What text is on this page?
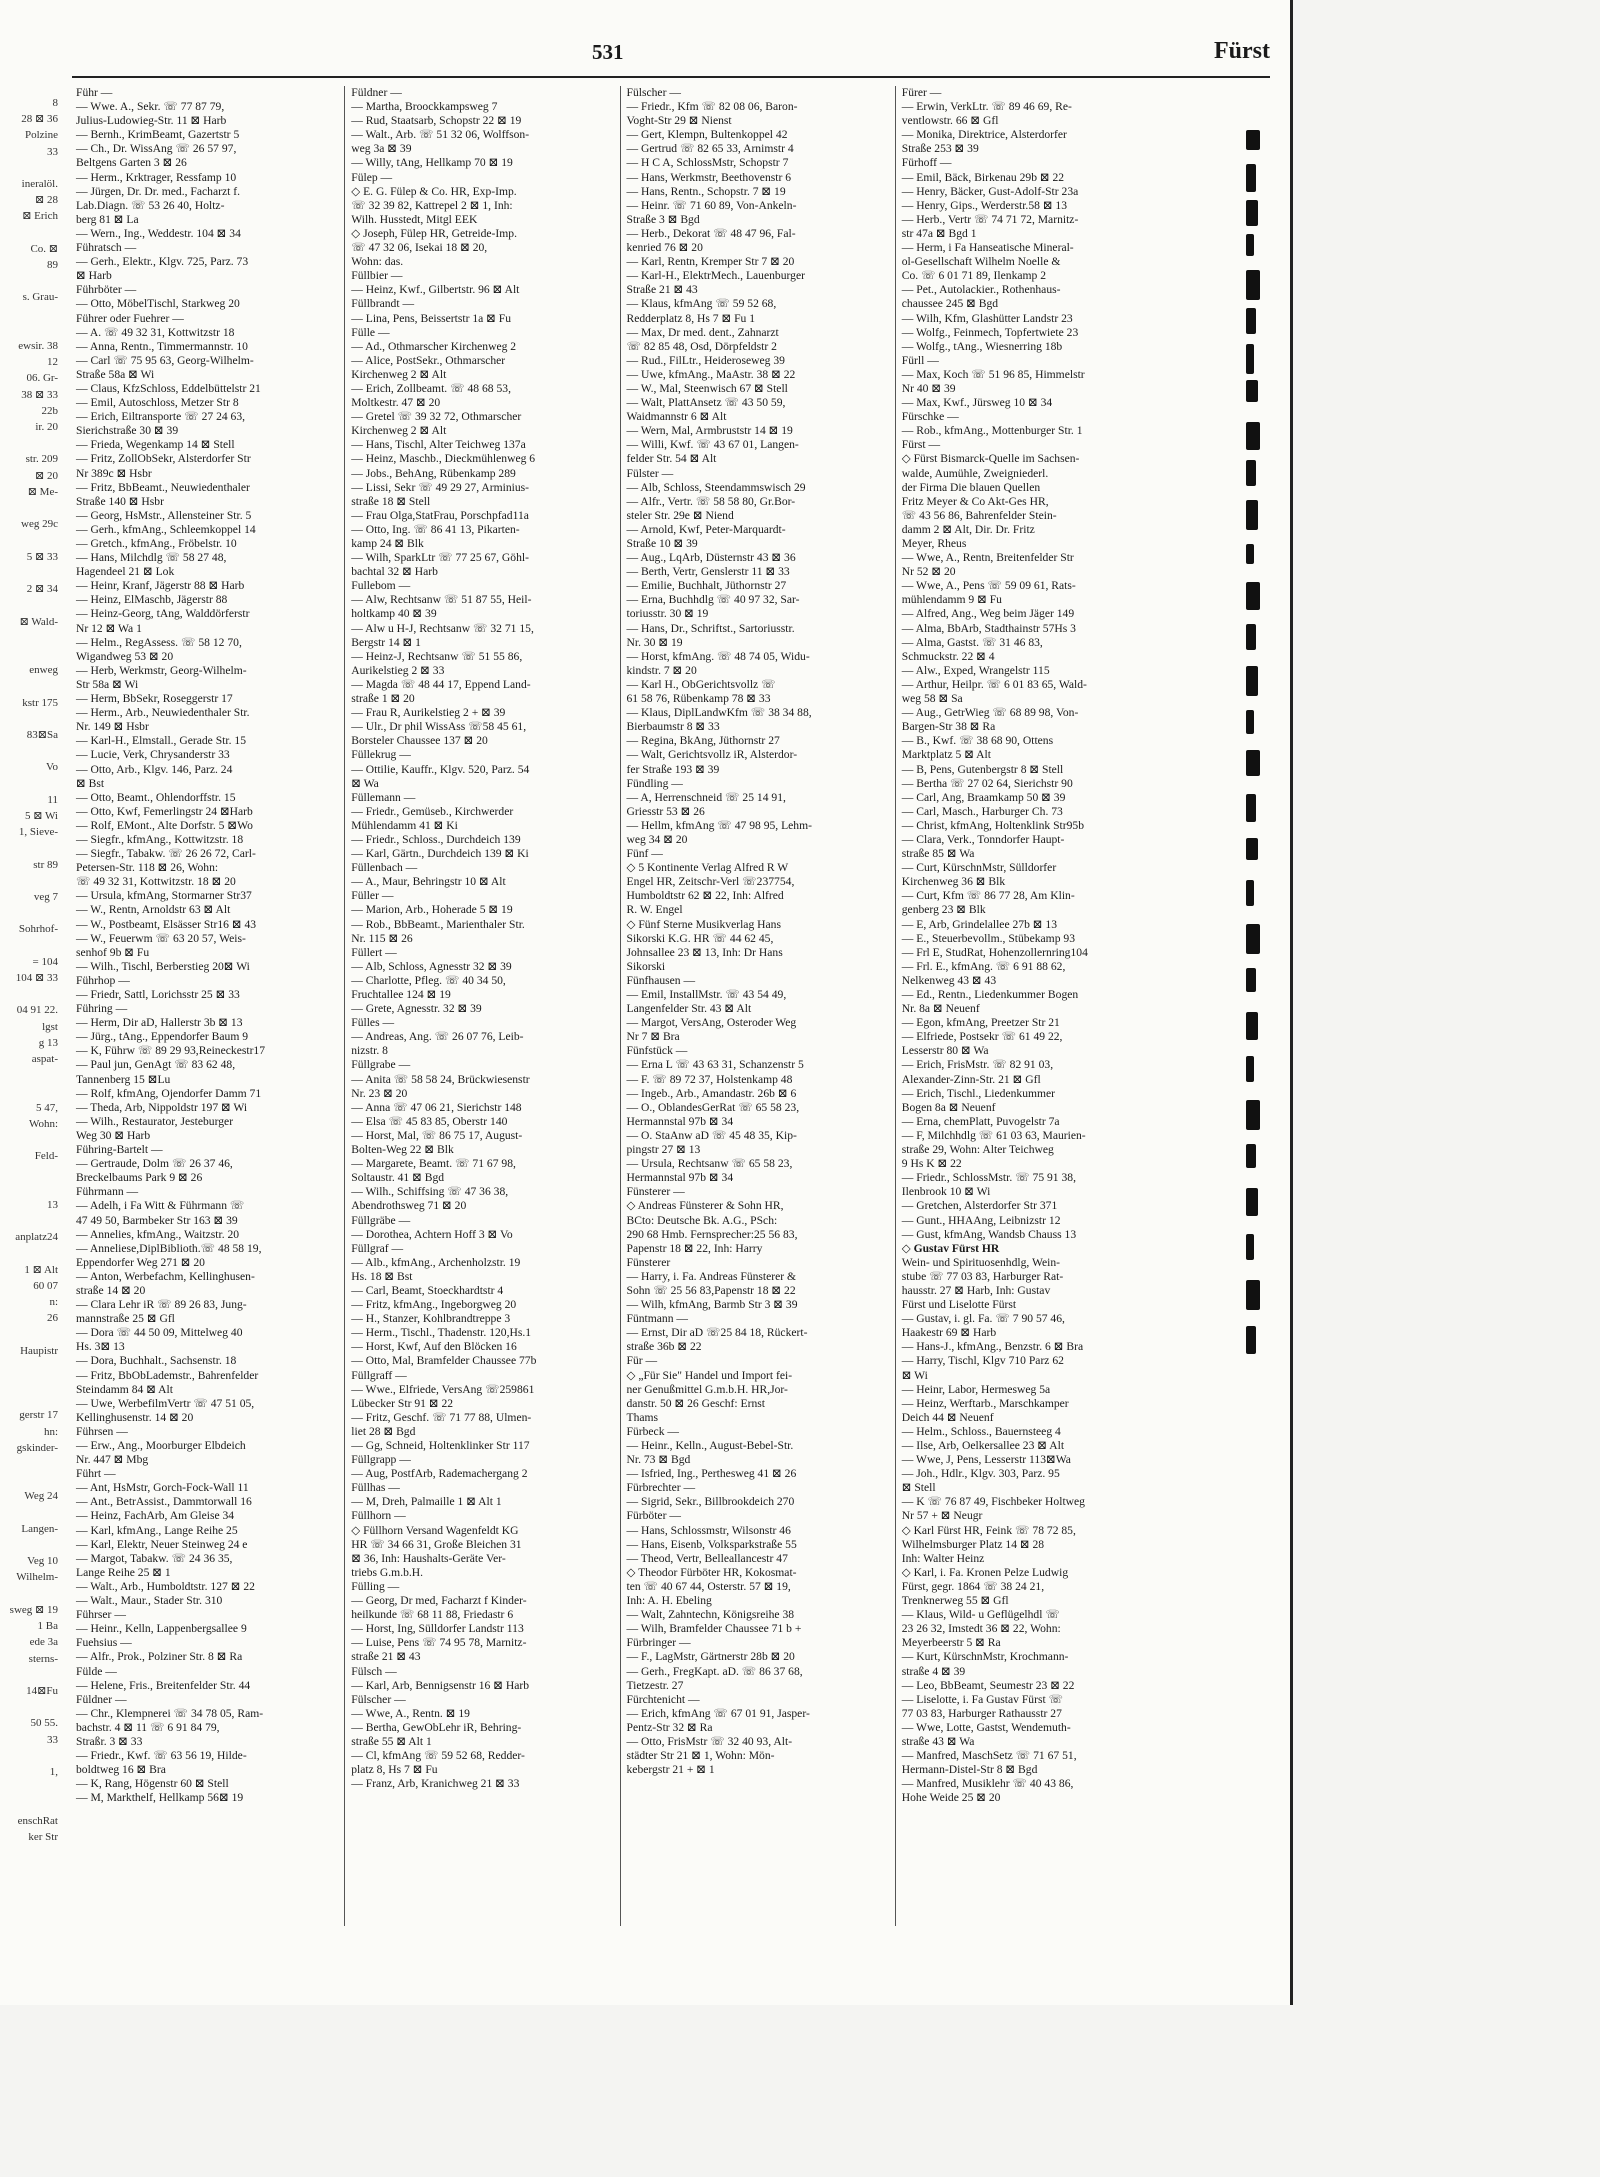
8
28 ⊠ 36
Polzine
33

ineralöl.
⊠ 28
⊠ Erich

Co. ⊠
89

s. Grau-

ewsir. 38
12
06. Gr-
38 ⊠ 33
22b
ir. 20

str. 209
⊠ 20
⊠ Me-

weg 29c

5 ⊠ 33

2 ⊠ 34

⊠ Wald-

enweg

kstr 175

83⊠Sa

Vo

11
5 ⊠ Wi
1, Sieve-

str 89

veg 7

Sohrhof-

= 104
104 ⊠ 33

04 91 22.
lgst
g 13
aspat-

5 47,
Wohn:

Feld-

13

anplatz24

1 ⊠ Alt
60 07
n:
26

Haupistr

gerstr 17
hn:
gskinder-

Weg 24

Langen-

Veg 10
Wilhelm-

sweg ⊠ 19
1 Ba
ede 3a
sterns-

14⊠Fu

50 55.
33

1,

enschRat
ker Str
531	Fürst

Führ —

— Wwe. A., Sekr. ☏ 77 87 79,

Julius-Ludowieg-Str. 11 ⊠ Harb

— Bernh., KrimBeamt, Gazertstr 5

— Ch., Dr. WissAng ☏ 26 57 97,

Beltgens Garten 3 ⊠ 26

— Herm., Krktrager, Ressfamp 10

— Jürgen, Dr. Dr. med., Facharzt f.

Lab.Diagn. ☏ 53 26 40, Holtz-

berg 81 ⊠ La

— Wern., Ing., Weddestr. 104 ⊠ 34

Führatsch —

— Gerh., Elektr., Klgv. 725, Parz. 73

⊠ Harb

Führböter —

— Otto, MöbelTischl, Starkweg 20

Führer oder Fuehrer —

— A. ☏ 49 32 31, Kottwitzstr 18

— Anna, Rentn., Timmermannstr. 10

— Carl ☏ 75 95 63, Georg-Wilhelm-

Straße 58a ⊠ Wi

— Claus, KfzSchloss, Eddelbüttelstr 21

— Emil, Autoschloss, Metzer Str 8

— Erich, Eiltransporte ☏ 27 24 63,

Sierichstraße 30 ⊠ 39

— Frieda, Wegenkamp 14 ⊠ Stell

— Fritz, ZollObSekr, Alsterdorfer Str

Nr 389c ⊠ Hsbr

— Fritz, BbBeamt., Neuwiedenthaler

Straße 140 ⊠ Hsbr

— Georg, HsMstr., Allensteiner Str. 5

— Gerh., kfmAng., Schleemkoppel 14

— Gretch., kfmAng., Fröbelstr. 10

— Hans, Milchdlg ☏ 58 27 48,

Hagendeel 21 ⊠ Lok

— Heinr, Kranf, Jägerstr 88 ⊠ Harb

— Heinz, ElMaschb, Jägerstr 88

— Heinz-Georg, tAng, Walddörferstr

Nr 12 ⊠ Wa 1

— Helm., RegAssess. ☏ 58 12 70,

Wigandweg 53 ⊠ 20

— Herb, Werkmstr, Georg-Wilhelm-

Str 58a ⊠ Wi

— Herm, BbSekr, Roseggerstr 17

— Herm., Arb., Neuwiedenthaler Str.

Nr. 149 ⊠ Hsbr

— Karl-H., Elmstall., Gerade Str. 15

— Lucie, Verk, Chrysanderstr 33

— Otto, Arb., Klgv. 146, Parz. 24

⊠ Bst

— Otto, Beamt., Ohlendorffstr. 15

— Otto, Kwf, Femerlingstr 24 ⊠Harb

— Rolf, EMont., Alte Dorfstr. 5 ⊠Wo

— Siegfr., kfmAng., Kottwitzstr. 18

— Siegfr., Tabakw. ☏ 26 26 72, Carl-

Petersen-Str. 118 ⊠ 26, Wohn:

☏ 49 32 31, Kottwitzstr. 18 ⊠ 20

— Ursula, kfmAng, Stormarner Str37

— W., Rentn, Arnoldstr 63 ⊠ Alt

— W., Postbeamt, Elsässer Str16 ⊠ 43

— W., Feuerwm ☏ 63 20 57, Weis-

senhof 9b ⊠ Fu

— Wilh., Tischl, Berberstieg 20⊠ Wi

Führhop —

— Friedr, Sattl, Lorichsstr 25 ⊠ 33

Führing —

— Herm, Dir aD, Hallerstr 3b ⊠ 13

— Jürg., tAng., Eppendorfer Baum 9

— K, Führw ☏ 89 29 93,Reineckestr17

— Paul jun, GenAgt ☏ 83 62 48,

Tannenberg 15 ⊠Lu

— Rolf, kfmAng, Ojendorfer Damm 71

— Theda, Arb, Nippoldstr 197 ⊠ Wi

— Wilh., Restaurator, Jesteburger

Weg 30 ⊠ Harb

Führing-Bartelt —

— Gertraude, Dolm ☏ 26 37 46,

Breckelbaums Park 9 ⊠ 26

Führmann —

— Adelh, i Fa Witt & Führmann ☏

47 49 50, Barmbeker Str 163 ⊠ 39

— Annelies, kfmAng., Waitzstr. 20

— Anneliese,DiplBiblioth.☏ 48 58 19,

Eppendorfer Weg 271 ⊠ 20

— Anton, Werbefachm, Kellinghusen-

straße 14 ⊠ 20

— Clara Lehr iR ☏ 89 26 83, Jung-

mannstraße 25 ⊠ Gfl

— Dora ☏ 44 50 09, Mittelweg 40

Hs. 3⊠ 13

— Dora, Buchhalt., Sachsenstr. 18

— Fritz, BbObLademstr., Bahrenfelder

Steindamm 84 ⊠ Alt

— Uwe, WerbefilmVertr ☏ 47 51 05,

Kellinghusenstr. 14 ⊠ 20

Führsen —

— Erw., Ang., Moorburger Elbdeich

Nr. 447 ⊠ Mbg

Führt —

— Ant, HsMstr, Gorch-Fock-Wall 11

— Ant., BetrAssist., Dammtorwall 16

— Heinz, FachArb, Am Gleise 34

— Karl, kfmAng., Lange Reihe 25

— Karl, Elektr, Neuer Steinweg 24 e

— Margot, Tabakw. ☏ 24 36 35,

Lange Reihe 25 ⊠ 1

— Walt., Arb., Humboldtstr. 127 ⊠ 22

— Walt., Maur., Stader Str. 310

Führser —

— Heinr., Kelln, Lappenbergsallee 9

Fuehsius —

— Alfr., Prok., Polziner Str. 8 ⊠ Ra

Fülde —

— Helene, Fris., Breitenfelder Str. 44

Füldner —

— Chr., Klempnerei ☏ 34 78 05, Ram-

bachstr. 4 ⊠ 11 ☏ 6 91 84 79,

Straßr. 3 ⊠ 33

— Friedr., Kwf. ☏ 63 56 19, Hilde-

boldtweg 16 ⊠ Bra

— K, Rang, Högenstr 60 ⊠ Stell

— M, Markthelf, Hellkamp 56⊠ 19

Füldner —

— Martha, Broockkampsweg 7

— Rud, Staatsarb, Schopstr 22 ⊠ 19

— Walt., Arb. ☏ 51 32 06, Wolffson-

weg 3a ⊠ 39

— Willy, tAng, Hellkamp 70 ⊠ 19

Fülep —

◇ E. G. Fülep & Co. HR, Exp-Imp.

☏ 32 39 82, Kattrepel 2 ⊠ 1, Inh:

Wilh. Husstedt, Mitgl EEK

◇ Joseph, Fülep HR, Getreide-Imp.

☏ 47 32 06, Isekai 18 ⊠ 20,

Wohn: das.

Füllbier —

— Heinz, Kwf., Gilbertstr. 96 ⊠ Alt

Füllbrandt —

— Lina, Pens, Beissertstr 1a ⊠ Fu

Fülle —

— Ad., Othmarscher Kirchenweg 2

— Alice, PostSekr., Othmarscher

Kirchenweg 2 ⊠ Alt

— Erich, Zollbeamt. ☏ 48 68 53,

Moltkestr. 47 ⊠ 20

— Gretel ☏ 39 32 72, Othmarscher

Kirchenweg 2 ⊠ Alt

— Hans, Tischl, Alter Teichweg 137a

— Heinz, Maschb., Dieckmühlenweg 6

— Jobs., BehAng, Rübenkamp 289

— Lissi, Sekr ☏ 49 29 27, Arminius-

straße 18 ⊠ Stell

— Frau Olga,StatFrau, Porschpfad11a

— Otto, Ing. ☏ 86 41 13, Pikarten-

kamp 24 ⊠ Blk

— Wilh, SparkLtr ☏ 77 25 67, Göhl-

bachtal 32 ⊠ Harb

Fullebom —

— Alw, Rechtsanw ☏ 51 87 55, Heil-

holtkamp 40 ⊠ 39

— Alw u H-J, Rechtsanw ☏ 32 71 15,

Bergstr 14 ⊠ 1

— Heinz-J, Rechtsanw ☏ 51 55 86,

Aurikelstieg 2 ⊠ 33

— Magda ☏ 48 44 17, Eppend Land-

straße 1 ⊠ 20

— Frau R, Aurikelstieg 2 + ⊠ 39

— Ulr., Dr phil WissAss ☏58 45 61,

Borsteler Chaussee 137 ⊠ 20

Füllekrug —

— Ottilie, Kauffr., Klgv. 520, Parz. 54

⊠ Wa

Füllemann —

— Friedr., Gemüseb., Kirchwerder

Mühlendamm 41 ⊠ Ki

— Friedr., Schloss., Durchdeich 139

— Karl, Gärtn., Durchdeich 139 ⊠ Ki

Füllenbach —

— A., Maur, Behringstr 10 ⊠ Alt

Füller —

— Marion, Arb., Hoherade 5 ⊠ 19

— Rob., BbBeamt., Marienthaler Str.

Nr. 115 ⊠ 26

Füllert —

— Alb, Schloss, Agnesstr 32 ⊠ 39

— Charlotte, Pfleg. ☏ 40 34 50,

Fruchtallee 124 ⊠ 19

— Grete, Agnesstr. 32 ⊠ 39

Fülles —

— Andreas, Ang. ☏ 26 07 76, Leib-

nizstr. 8

Füllgrabe —

— Anita ☏ 58 58 24, Brückwiesenstr

Nr. 23 ⊠ 20

— Anna ☏ 47 06 21, Sierichstr 148

— Elsa ☏ 45 83 85, Oberstr 140

— Horst, Mal, ☏ 86 75 17, August-

Bolten-Weg 22 ⊠ Blk

— Margarete, Beamt. ☏ 71 67 98,

Soltaustr. 41 ⊠ Bgd

— Wilh., Schiffsing ☏ 47 36 38,

Abendrothsweg 71 ⊠ 20

Füllgräbe —

— Dorothea, Achtern Hoff 3 ⊠ Vo

Füllgraf —

— Alb., kfmAng., Archenholzstr. 19

Hs. 18 ⊠ Bst

— Carl, Beamt, Stoeckhardtstr 4

— Fritz, kfmAng., Ingeborgweg 20

— H., Stanzer, Kohlbrandtreppe 3

— Herm., Tischl., Thadenstr. 120,Hs.1

— Horst, Kwf, Auf den Blöcken 16

— Otto, Mal, Bramfelder Chaussee 77b

Füllgraff —

— Wwe., Elfriede, VersAng ☏259861

Lübecker Str 91 ⊠ 22

— Fritz, Geschf. ☏ 71 77 88, Ulmen-

liet 28 ⊠ Bgd

— Gg, Schneid, Holtenklinker Str 117

Füllgrapp —

— Aug, PostfArb, Rademachergang 2

Füllhas —

— M, Dreh, Palmaille 1 ⊠ Alt 1

Füllhorn —

◇ Füllhorn Versand Wagenfeldt KG

HR ☏ 34 66 31, Große Bleichen 31

⊠ 36, Inh: Haushalts-Geräte Ver-

triebs G.m.b.H.

Fülling —

— Georg, Dr med, Facharzt f Kinder-

heilkunde ☏ 68 11 88, Friedastr 6

— Horst, Ing, Sülldorfer Landstr 113

— Luise, Pens ☏ 74 95 78, Marnitz-

straße 21 ⊠ 43

Fülsch —

— Karl, Arb, Bennigsenstr 16 ⊠ Harb

Fülscher —

— Wwe, A., Rentn. ⊠ 19

— Bertha, GewObLehr iR, Behring-

straße 55 ⊠ Alt 1

— Cl, kfmAng ☏ 59 52 68, Redder-

platz 8, Hs 7 ⊠ Fu

— Franz, Arb, Kranichweg 21 ⊠ 33

Fülscher —

— Friedr., Kfm ☏ 82 08 06, Baron-

Voght-Str 29 ⊠ Nienst

— Gert, Klempn, Bultenkoppel 42

— Gertrud ☏ 82 65 33, Arnimstr 4

— H C A, SchlossMstr, Schopstr 7

— Hans, Werkmstr, Beethovenstr 6

— Hans, Rentn., Schopstr. 7 ⊠ 19

— Heinr. ☏ 71 60 89, Von-Ankeln-

Straße 3 ⊠ Bgd

— Herb., Dekorat ☏ 48 47 96, Fal-

kenried 76 ⊠ 20

— Karl, Rentn, Kremper Str 7 ⊠ 20

— Karl-H., ElektrMech., Lauenburger

Straße 21 ⊠ 43

— Klaus, kfmAng ☏ 59 52 68,

Redderplatz 8, Hs 7 ⊠ Fu 1

— Max, Dr med. dent., Zahnarzt

☏ 82 85 48, Osd, Dörpfeldstr 2

— Rud., FilLtr., Heideroseweg 39

— Uwe, kfmAng., MaAstr. 38 ⊠ 22

— W., Mal, Steenwisch 67 ⊠ Stell

— Walt, PlattAnsetz ☏ 43 50 59,

Waidmannstr 6 ⊠ Alt

— Wern, Mal, Armbruststr 14 ⊠ 19

— Willi, Kwf. ☏ 43 67 01, Langen-

felder Str. 54 ⊠ Alt

Fülster —

— Alb, Schloss, Steendammswisch 29

— Alfr., Vertr. ☏ 58 58 80, Gr.Bor-

steler Str. 29e ⊠ Niend

— Arnold, Kwf, Peter-Marquardt-

Straße 10 ⊠ 39

— Aug., LqArb, Düsternstr 43 ⊠ 36

— Berth, Vertr, Genslerstr 11 ⊠ 33

— Emilie, Buchhalt, Jüthornstr 27

— Erna, Buchhdlg ☏ 40 97 32, Sar-

toriusstr. 30 ⊠ 19

— Hans, Dr., Schriftst., Sartoriusstr.

Nr. 30 ⊠ 19

— Horst, kfmAng. ☏ 48 74 05, Widu-

kindstr. 7 ⊠ 20

— Karl H., ObGerichtsvollz ☏

61 58 76, Rübenkamp 78 ⊠ 33

— Klaus, DiplLandwKfm ☏ 38 34 88,

Bierbaumstr 8 ⊠ 33

— Regina, BkAng, Jüthornstr 27

— Walt, Gerichtsvollz iR, Alsterdor-

fer Straße 193 ⊠ 39

Fündling —

— A, Herrenschneid ☏ 25 14 91,

Griesstr 53 ⊠ 26

— Hellm, kfmAng ☏ 47 98 95, Lehm-

weg 34 ⊠ 20

Fünf —

◇ 5 Kontinente Verlag Alfred R W

Engel HR, Zeitschr-Verl ☏237754,

Humboldtstr 62 ⊠ 22, Inh: Alfred

R. W. Engel

◇ Fünf Sterne Musikverlag Hans

Sikorski K.G. HR ☏ 44 62 45,

Johnsallee 23 ⊠ 13, Inh: Dr Hans

Sikorski

Fünfhausen —

— Emil, InstallMstr. ☏ 43 54 49,

Langenfelder Str. 43 ⊠ Alt

— Margot, VersAng, Osteroder Weg

Nr 7 ⊠ Bra

Fünfstück —

— Erna L ☏ 43 63 31, Schanzenstr 5

— F. ☏ 89 72 37, Holstenkamp 48

— Ingeb., Arb., Amandastr. 26b ⊠ 6

— O., OblandesGerRat ☏ 65 58 23,

Hermannstal 97b ⊠ 34

— O. StaAnw aD ☏ 45 48 35, Kip-

pingstr 27 ⊠ 13

— Ursula, Rechtsanw ☏ 65 58 23,

Hermannstal 97b ⊠ 34

Fünsterer —

◇ Andreas Fünsterer & Sohn HR,

BCto: Deutsche Bk. A.G., PSch:

290 68 Hmb. Fernsprecher:25 56 83,

Papenstr 18 ⊠ 22, Inh: Harry

Fünsterer

— Harry, i. Fa. Andreas Fünsterer &

Sohn ☏ 25 56 83,Papenstr 18 ⊠ 22

— Wilh, kfmAng, Barmb Str 3 ⊠ 39

Füntmann —

— Ernst, Dir aD ☏25 84 18, Rückert-

straße 36b ⊠ 22

Für —

◇ „Für Sie" Handel und Import fei-

ner Genußmittel G.m.b.H. HR,Jor-

danstr. 50 ⊠ 26 Geschf: Ernst

Thams

Fürbeck —

— Heinr., Kelln., August-Bebel-Str.

Nr. 73 ⊠ Bgd

— Isfried, Ing., Perthesweg 41 ⊠ 26

Fürbrechter —

— Sigrid, Sekr., Billbrookdeich 270

Fürböter —

— Hans, Schlossmstr, Wilsonstr 46

— Hans, Eisenb, Volksparkstraße 55

— Theod, Vertr, Belleallancestr 47

◇ Theodor Fürböter HR, Kokosmat-

ten ☏ 40 67 44, Osterstr. 57 ⊠ 19,

Inh: A. H. Ebeling

— Walt, Zahntechn, Königsreihe 38

— Wilh, Bramfelder Chaussee 71 b +

Fürbringer —

— F., LagMstr, Gärtnerstr 28b ⊠ 20

— Gerh., FregKapt. aD. ☏ 86 37 68,

Tietzestr. 27

Fürchtenicht —

— Erich, kfmAng ☏ 67 01 91, Jasper-

Pentz-Str 32 ⊠ Ra

— Otto, FrisMstr ☏ 32 40 93, Alt-

städter Str 21 ⊠ 1, Wohn: Mön-

kebergstr 21 + ⊠ 1

Fürer —

— Erwin, VerkLtr. ☏ 89 46 69, Re-

ventlowstr. 66 ⊠ Gfl

— Monika, Direktrice, Alsterdorfer

Straße 253 ⊠ 39

Fürhoff —

— Emil, Bäck, Birkenau 29b ⊠ 22

— Henry, Bäcker, Gust-Adolf-Str 23a

— Henry, Gips., Werderstr.58 ⊠ 13

— Herb., Vertr ☏ 74 71 72, Marnitz-

str 47a ⊠ Bgd 1

— Herm, i Fa Hanseatische Mineral-

ol-Gesellschaft Wilhelm Noelle &

Co. ☏ 6 01 71 89, Ilenkamp 2

— Pet., Autolackier., Rothenhaus-

chaussee 245 ⊠ Bgd

— Wilh, Kfm, Glashütter Landstr 23

— Wolfg., Feinmech, Topfertwiete 23

— Wolfg., tAng., Wiesnerring 18b

Fürll —

— Max, Koch ☏ 51 96 85, Himmelstr

Nr 40 ⊠ 39

— Max, Kwf., Jürsweg 10 ⊠ 34

Fürschke —

— Rob., kfmAng., Mottenburger Str. 1

Fürst —

◇ Fürst Bismarck-Quelle im Sachsen-

walde, Aumühle, Zweigniederl.

der Firma Die blauen Quellen

Fritz Meyer & Co Akt-Ges HR,

☏ 43 56 86, Bahrenfelder Stein-

damm 2 ⊠ Alt, Dir. Dr. Fritz

Meyer, Rheus

— Wwe, A., Rentn, Breitenfelder Str

Nr 52 ⊠ 20

— Wwe, A., Pens ☏ 59 09 61, Rats-

mühlendamm 9 ⊠ Fu

— Alfred, Ang., Weg beim Jäger 149

— Alma, BbArb, Stadthainstr 57Hs 3

— Alma, Gastst. ☏ 31 46 83,

Schmuckstr. 22 ⊠ 4

— Alw., Exped, Wrangelstr 115

— Arthur, Heilpr. ☏ 6 01 83 65, Wald-

weg 58 ⊠ Sa

— Aug., GetrWieg ☏ 68 89 98, Von-

Bargen-Str 38 ⊠ Ra

— B., Kwf. ☏ 38 68 90, Ottens

Marktplatz 5 ⊠ Alt

— B, Pens, Gutenbergstr 8 ⊠ Stell

— Bertha ☏ 27 02 64, Sierichstr 90

— Carl, Ang, Braamkamp 50 ⊠ 39

— Carl, Masch., Harburger Ch. 73

— Christ, kfmAng, Holtenklink Str95b

— Clara, Verk., Tonndorfer Haupt-

straße 85 ⊠ Wa

— Curt, KürschnMstr, Sülldorfer

Kirchenweg 36 ⊠ Blk

— Curt, Kfm ☏ 86 77 28, Am Klin-

genberg 23 ⊠ Blk

— E, Arb, Grindelallee 27b ⊠ 13

— E., Steuerbevollm., Stübekamp 93

— Frl E, StudRat, Hohenzollernring104

— Frl. E., kfmAng. ☏ 6 91 88 62,

Nelkenweg 43 ⊠ 43

— Ed., Rentn., Liedenkummer Bogen

Nr. 8a ⊠ Neuenf

— Egon, kfmAng, Preetzer Str 21

— Elfriede, Postsekr ☏ 61 49 22,

Lesserstr 80 ⊠ Wa

— Erich, FrisMstr. ☏ 82 91 03,

Alexander-Zinn-Str. 21 ⊠ Gfl

— Erich, Tischl., Liedenkummer

Bogen 8a ⊠ Neuenf

— Erna, chemPlatt, Puvogelstr 7a

— F, Milchhdlg ☏ 61 03 63, Maurien-

straße 29, Wohn: Alter Teichweg

9 Hs K ⊠ 22

— Friedr., SchlossMstr. ☏ 75 91 38,

Ilenbrook 10 ⊠ Wi

— Gretchen, Alsterdorfer Str 371

— Gunt., HHAAng, Leibnizstr 12

— Gust, kfmAng, Wandsb Chauss 13

◇ Gustav Fürst HR

Wein- und Spirituosenhdlg, Wein-

stube ☏ 77 03 83, Harburger Rat-

hausstr. 27 ⊠ Harb, Inh: Gustav

Fürst und Liselotte Fürst

— Gustav, i. gl. Fa. ☏ 7 90 57 46,

Haakestr 69 ⊠ Harb

— Hans-J., kfmAng., Benzstr. 6 ⊠ Bra

— Harry, Tischl, Klgv 710 Parz 62

⊠ Wi

— Heinr, Labor, Hermesweg 5a

— Heinz, Werftarb., Marschkamper

Deich 44 ⊠ Neuenf

— Helm., Schloss., Bauernsteeg 4

— Ilse, Arb, Oelkersallee 23 ⊠ Alt

— Wwe, J, Pens, Lesserstr 113⊠Wa

— Joh., Hdlr., Klgv. 303, Parz. 95

⊠ Stell

— K ☏ 76 87 49, Fischbeker Holtweg

Nr 57 + ⊠ Neugr

◇ Karl Fürst HR, Feink ☏ 78 72 85,

Wilhelmsburger Platz 14 ⊠ 28

Inh: Walter Heinz

◇ Karl, i. Fa. Kronen Pelze Ludwig

Fürst, gegr. 1864 ☏ 38 24 21,

Trenknerweg 55 ⊠ Gfl

— Klaus, Wild- u Geflügelhdl ☏

23 26 32, Imstedt 36 ⊠ 22, Wohn:

Meyerbeerstr 5 ⊠ Ra

— Kurt, KürschnMstr, Krochmann-

straße 4 ⊠ 39

— Leo, BbBeamt, Seumestr 23 ⊠ 22

— Liselotte, i. Fa Gustav Fürst ☏

77 03 83, Harburger Rathausstr 27

— Wwe, Lotte, Gastst, Wendemuth-

straße 43 ⊠ Wa

— Manfred, MaschSetz ☏ 71 67 51,

Hermann-Distel-Str 8 ⊠ Bgd

— Manfred, Musiklehr ☏ 40 43 86,

Hohe Weide 25 ⊠ 20
